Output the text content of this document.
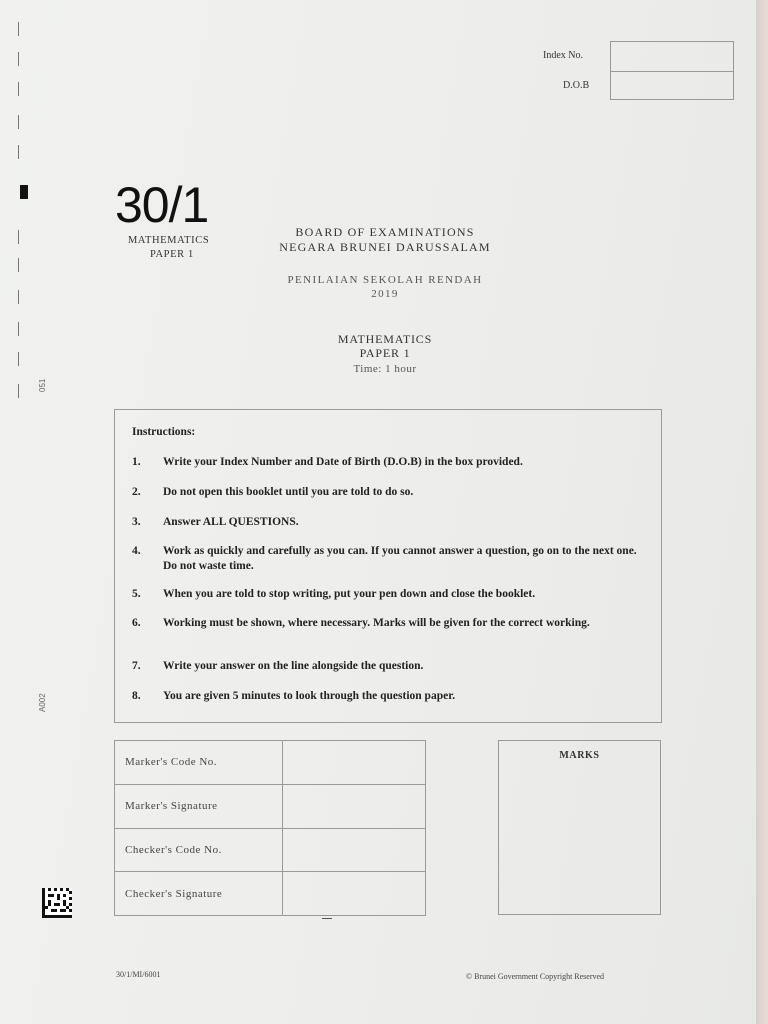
051
A002
Index No.
D.O.B
30/1
MATHEMATICS
PAPER 1
BOARD OF EXAMINATIONS
NEGARA BRUNEI DARUSSALAM
PENILAIAN SEKOLAH RENDAH
2019
MATHEMATICS
PAPER 1
Time: 1 hour
Instructions:
1.	Write your Index Number and Date of Birth (D.O.B) in the box provided.
2.	Do not open this booklet until you are told to do so.
3.	Answer ALL QUESTIONS.
4.	Work as quickly and carefully as you can. If you cannot answer a question, go on to the next one. Do not waste time.
5.	When you are told to stop writing, put your pen down and close the booklet.
6.	Working must be shown, where necessary. Marks will be given for the correct working.
7.	Write your answer on the line alongside the question.
8.	You are given 5 minutes to look through the question paper.
Marker's Code No.	
Marker's Signature	
Checker's Code No.	
Checker's Signature	
MARKS
30/1/MI/6001	© Brunei Government Copyright Reserved
